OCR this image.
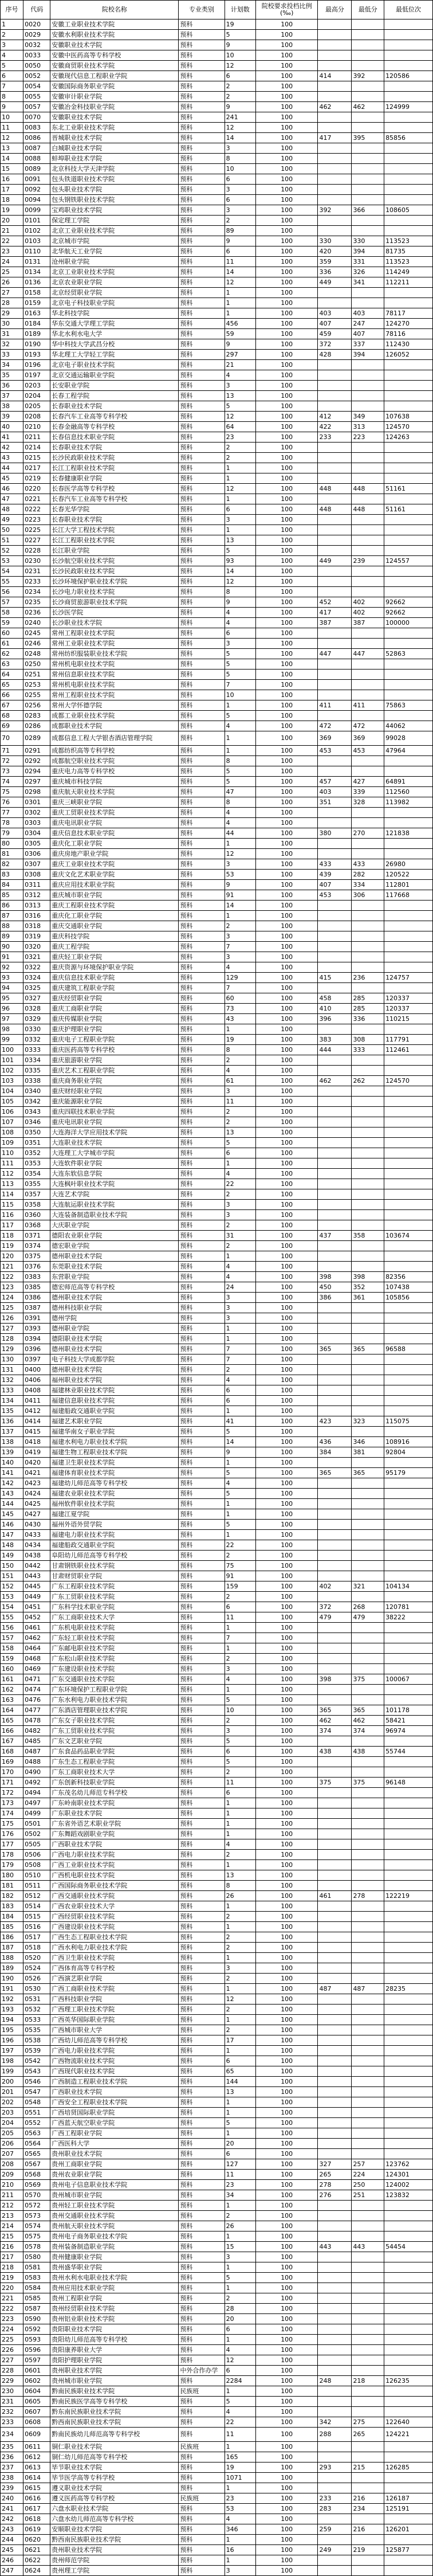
序号	代码	院校名称	专业类别	计划数	院校要求投档比例(‰)	最高分	最低分	最低位次
1	0020	安徽工业职业技术学院	预科	19	100			
2	0029	安徽水利职业技术学院	预科	5	100			
3	0032	安徽职业技术学院	预科	9	100			
4	0033	安徽中医药高等专科学校	预科	10	100			
5	0050	安徽商贸职业技术学院	预科	12	100			
6	0052	安徽现代信息工程职业学院	预科	6	100	414	392	120586
7	0054	安徽国际商务职业学院	预科	2	100			
8	0055	安徽审计职业学院	预科	2	100			
9	0057	安徽冶金科技职业学院	预科	9	100	462	462	124999
10	0070	安徽职业技术学院	预科	241	100			
11	0083	东北工业职业技术学院	预科	12	100			
12	0086	晋城职业技术学院	预科	14	100	417	395	85856
13	0087	白城职业技术学院	预科	3	100			
14	0088	蚌埠职业技术学院	预科	8	100			
15	0089	北京科技大学天津学院	预科	10	100			
16	0091	包头铁道职业技术学院	预科	6	100			
17	0092	包头职业技术学院	预科	3	100			
18	0094	包头钢铁职业技术学院	预科	6	100			
19	0099	宝鸡职业技术学院	预科	3	100	392	366	108605
20	0101	保定理工学院	预科	2	100			
21	0102	北京工业职业技术学院	预科	89	100			
22	0103	北京城市学院	预科	9	100	330	330	113523
23	0110	北华航天工业学院	预科	6	100	420	394	81735
24	0131	沧州职业学院	预科	11	100	359	331	113523
25	0134	北京工业职业技术学院	预科	14	100	336	326	114249
26	0136	北京农业职业学院	预科	12	100	449	341	112211
27	0158	北京经贸职业学院	预科	1	100			
28	0159	北京电子科技职业学院	预科	1	100			
29	0163	华北科技学院	预科	1	100	403	403	78117
30	0184	华东交通大学理工学院	预科	456	100	407	247	124270
31	0189	华北水利水电大学	预科	59	100	459	407	78116
32	0190	华中科技大学武昌分校	预科	9	100	372	337	112430
33	0193	华北理工大学轻工学院	预科	297	100	428	394	126052
34	0196	北京电子职业技术学院	预科	21	100			
35	0197	北京交通运输职业学院	预科	4	100			
36	0203	长安职业学院	预科	3	100			
37	0204	长春工程学院	预科	13	100			
38	0205	长春职业技术学院	预科	5	100			
39	0208	长春汽车工业高等专科学校	预科	12	100	412	349	107638
40	0210	长春金融高等专科学校	预科	64	100	422	313	124570
41	0211	长春信息技术职业学院	预科	23	100	233	223	124263
42	0214	长春职业技术学院	预科	2	100			
43	0215	长沙民政职业技术学院	预科	2	100			
44	0217	长江工程职业技术学院	预科	1	100			
45	0219	长春健康职业学院	预科	1	100			
46	0220	长春医学高等专科学校	预科	12	100	448	448	51161
47	0221	长春汽车工业高等专科学校	预科	1	100			
48	0222	长春光华学院	预科	6	100	448	448	51161
49	0223	长春职业技术学院	预科	3	100			
50	0225	长江大学工程技术学院	预科	1	100			
51	0227	长江工程职业技术学院	预科	13	100			
52	0228	长江职业学院	预科	5	100			
53	0230	长沙航空职业技术学院	预科	93	100	449	239	124557
54	0231	长沙民政职业技术学院	预科	14	100			
55	0233	长沙环境保护职业技术学院	预科	12	100			
56	0234	长沙电力职业技术学院	预科	8	100			
57	0235	长沙商贸旅游职业技术学院	预科	9	100	452	402	92662
58	0236	长沙医学院	预科	4	100	417	402	92662
59	0240	长沙职业技术学院	预科	4	100	387	387	100000
60	0245	常州工程职业技术学院	预科	6	100			
61	0246	常州工业职业技术学院	预科	3	100			
62	0248	常州纺织服装职业技术学院	预科	5	100	447	447	52863
63	0250	常州机电职业技术学院	预科	5	100			
64	0251	常州信息职业技术学院	预科	5	100			
65	0253	常州机电职业技术学院	预科	7	100			
66	0255	常州工程职业技术学院	预科	10	100			
67	0256	常州大学怀德学院	预科	1	100	411	411	75863
68	0283	成都工业职业技术学院	预科	5	100			
69	0286	成都职业技术学院	预科	4	100	472	472	44062
70	0289	成都信息工程大学银杏酒店管理学院	预科	1	100	369	369	99028
71	0291	成都纺织高等专科学校	预科	1	100	453	453	47964
72	0292	成都航空职业技术学院	预科	8	100			
73	0294	重庆电力高等专科学校	预科	5	100			
74	0297	重庆城市科技学院	预科	5	100	457	427	64891
75	0298	重庆航天职业技术学院	预科	47	100	403	339	112560
76	0301	重庆三峡职业学院	预科	8	100	351	328	113982
77	0302	重庆工贸职业技术学院	预科	4	100			
78	0303	重庆电讯职业学院	预科	4	100			
79	0304	重庆信息技术职业学院	预科	44	100	380	270	121838
80	0305	重庆化工职业学院	预科	1	100			
81	0306	重庆房地产职业学院	预科	12	100			
82	0307	重庆工业职业技术学院	预科	3	100	433	433	26980
83	0308	重庆文化艺术职业学院	预科	53	100	439	282	120522
84	0311	重庆应用技术职业学院	预科	9	100	407	334	112801
85	0312	重庆城市职业学院	预科	91	100	453	306	117668
86	0313	重庆工程职业技术学院	预科	14	100			
87	0316	重庆化工职业学院	预科	1	100			
88	0318	重庆交通职业学院	预科	2	100			
89	0319	重庆科技学院	预科	3	100			
90	0320	重庆工程学院	预科	7	100			
91	0321	重庆轻工职业学院	预科	3	100			
92	0322	重庆资源与环境保护职业学院	预科	4	100			
93	0324	重庆信息技术职业学院	预科	129	100	415	236	124757
94	0325	重庆建筑工程职业学院	预科	7	100			
95	0327	重庆经贸职业学院	预科	60	100	458	285	120337
96	0328	重庆工商职业学院	预科	73	100	410	285	120337
97	0329	重庆传媒职业学院	预科	43	100	396	336	110215
98	0330	重庆护理职业学院	预科	1	100			
99	0332	重庆电子工程职业学院	预科	19	100	383	308	117791
100	0333	重庆医药高等专科学校	预科	8	100	444	333	112461
101	0334	重庆旅游职业学院	预科	2	100			
102	0335	重庆艺术工程职业学院	预科	4	100			
103	0338	重庆商务职业学院	预科	61	100	462	262	124570
104	0340	重庆财经职业学院	预科	3	100			
105	0342	重庆能源职业学院	预科	11	100			
106	0343	重庆四联技术职业学院	预科	2	100			
107	0346	重庆电讯职业学院	预科	2	100			
108	0350	大连海洋大学应用技术学院	预科	13	100			
109	0351	大连职业技术学院	预科	5	100			
110	0352	大连理工大学城市学院	预科	6	100			
111	0353	大连软件职业学院	预科	1	100			
112	0354	大连东软信息学院	预科	4	100			
113	0355	大连枫叶职业技术学院	预科	22	100			
114	0357	大连艺术学院	预科	2	100			
115	0358	大连航运职业技术学院	预科	3	100			
116	0360	大连装备制造职业技术学院	预科	3	100			
117	0368	大庆职业学院	预科	2	100			
118	0371	德阳农业职业学院	预科	31	100	437	358	103674
119	0374	德宏职业学院	预科	2	100			
120	0375	德州职业技术学院	预科	1	100			
121	0376	东莞职业技术学院	预科	4	100			
122	0383	东营职业学院	预科	4	100	398	398	82356
123	0385	德宏师范高等专科学校	预科	24	100	450	352	107438
124	0386	德州职业技术学院	预科	3	100	386	361	105856
125	0387	德州科技职业学院	预科	3	100			
126	0391	德州学院	预科	3	100			
127	0393	德州职业学院	预科	1	100			
128	0394	德阳职业技术学院	预科	1	100			
129	0396	德州职业技术学院	预科	7	100	365	365	96588
130	0397	电子科技大学成都学院	预科	7	100			
131	0400	德州职业技术学院	预科	2	100			
132	0406	福州职业技术学院	预科	4	100			
133	0408	福建林业职业技术学院	预科	6	100			
134	0411	福建信息职业技术学院	预科	6	100			
135	0412	福建船政交通职业学院	预科	1	100			
136	0414	福建艺术职业学院	预科	41	100	423	323	115075
137	0415	福建华南女子职业学院	预科	5	100			
138	0418	福建水利电力职业技术学院	预科	14	100	436	346	108916
139	0419	福建生物工程职业技术学院	预科	9	100	384	381	92804
140	0420	福建卫生职业技术学院	预科	1	100			
141	0421	福建体育职业技术学院	预科	5	100	365	365	95179
142	0423	福建幼儿师范高等专科学校	预科	4	100			
143	0424	福建农业职业技术学院	预科	5	100			
144	0425	福州软件职业技术学院	预科	1	100			
145	0427	福建江夏学院	预科	1	100			
146	0430	福州外语外贸学院	预科	5	100			
147	0433	福建电力职业技术学院	预科	1	100			
148	0434	福建船政交通职业学院	预科	22	100			
149	0438	阜阳幼儿师范高等专科学校	预科	2	100			
150	0442	甘肃钢铁职业技术学院	预科	75	100			
151	0443	甘肃财贸职业学院	预科	91	100			
152	0445	广东工程职业技术学院	预科	159	100	402	321	104134
153	0449	广东工贸职业技术学院	预科	2	100			
154	0451	广东科学技术职业学院	预科	6	100	372	268	120781
155	0452	广东工商职业技术大学	预科	11	100	479	479	38222
156	0461	广东机电职业技术学院	预科	1	100			
157	0462	广东轻工职业技术学院	预科	7	100			
158	0464	广东邮电职业技术学院	预科	1	100			
159	0468	广东松山职业技术学院	预科	2	100			
160	0469	广东建设职业技术学院	预科	3	100			
161	0471	广东交通职业技术学院	预科	4	100	398	375	100067
162	0474	广东环境保护工程职业学院	预科	1	100			
163	0476	广东水利电力职业技术学院	预科	5	100			
164	0477	广东酒店管理职业技术学院	预科	10	100	365	365	101178
165	0478	广东女子职业技术学院	预科	2	100	462	462	58421
166	0482	广东工贸职业技术学院	预科	3	100	374	374	96974
167	0485	广东文艺职业学院	预科	5	100			
168	0487	广东食品药品职业学院	预科	6	100	438	438	55744
169	0488	广东生态工程职业学院	预科	5	100			
170	0490	广东工商职业技术大学	预科	2	100			
171	0492	广东创新科技职业学院	预科	11	100	375	375	96148
172	0494	广东茂名幼儿师范专科学校	预科	6	100			
173	0497	广东岭南职业技术学院	预科	1	100			
174	0499	广东职业技术学院	预科	1	100			
175	0501	广东省外语艺术职业学院	预科	1	100			
176	0502	广东舞蹈戏剧职业学院	预科	1	100			
177	0505	广西职业技术学院	预科	4	100			
178	0506	广西电力职业技术学院	预科	2	100			
179	0508	广西工业职业技术学院	预科	1	100			
180	0510	广西机电职业技术学院	预科	13	100			
181	0511	广西国际商务职业技术学院	预科	8	100			
182	0512	广西交通职业技术学院	预科	26	100	461	278	122219
183	0514	广西农业职业技术大学	预科	1	100			
184	0515	广西经贸职业技术学院	预科	2	100			
185	0516	广西建设职业技术学院	预科	1	100			
186	0517	广西生态工程职业技术学院	预科	2	100			
187	0518	广西水利电力职业技术学院	预科	2	100			
188	0520	广西卫生职业技术学院	预科	1	100			
189	0524	广西体育高等专科学校	预科	3	100			
190	0526	广西演艺职业学院	预科	2	100			
191	0530	广西工商职业技术学院	预科	1	100	487	487	28235
192	0531	广西科技职业学院	预科	12	100			
193	0532	广西理工职业技术学院	预科	2	100			
194	0533	广西英华国际职业学院	预科	1	100			
195	0535	广西城市职业大学	预科	2	100			
196	0538	广西幼儿师范高等专科学校	预科	17	100			
197	0539	广西电力职业技术学院	预科	1	100			
198	0542	广西物流职业技术学院	预科	6	100			
199	0543	广西现代职业技术学院	预科	65	100			
200	0546	广西制造工程职业技术学院	预科	144	100			
201	0547	广西职业技术学院	预科	13	100			
202	0548	广西安全工程职业技术学院	预科	1	100			
203	0551	广西培贤国际职业学院	预科	1	100			
204	0552	广西蓝天航空职业学院	预科	5	100			
205	0563	广西工程职业学院	预科	1	100			
206	0564	广西医科大学	预科	20	100			
207	0565	贵州职业技术学院	预科	6	100			
208	0567	贵州工商职业学院	预科	127	100	327	257	123762
209	0568	贵州农业职业学院	预科	11	100	265	224	124301
210	0569	贵州电子信息职业技术学院	预科	23	100	278	250	124002
211	0570	贵州城市职业学院	预科	34	100	276	251	123832
212	0572	贵州轻工职业技术学院	预科	1	100			
213	0573	贵州交通职业技术学院	预科	2	100			
214	0574	贵州航天职业技术学院	预科	26	100			
215	0575	贵州电子商务职业技术学院	预科	1	100			
216	0578	贵州装备制造职业学院	预科	15	100	443	443	54454
217	0580	贵州健康职业学院	预科	3	100			
218	0581	贵州盛华职业学院	预科	1	100			
219	0583	贵州水利水电职业技术学院	预科	5	100			
220	0584	贵州应用技术职业学院	预科	1	100			
221	0585	贵州工程职业学院	预科	2	100			
222	0587	贵州经贸职业技术学院	预科	28	100			
223	0590	贵州铝业职业技术学院	预科	20	100			
224	0592	贵阳职业技术学院	预科	6	100			
225	0593	贵阳幼儿师范高等专科学校	预科	1	100			
226	0596	贵阳康养职业大学	预科	4	100			
227	0597	贵阳护理职业学院	预科	12	100			
228	0601	贵州职业技术学院	中外合作办学	6	100			
229	0602	贵州城市职业学院	预科	2284	100	248	218	126235
230	0604	黔南民族职业技术学院	民族班	1	100			
231	0605	黔南民族医学高等专科学校	预科	5	100			
232	0607	黔东南民族职业技术学院	预科	4	100			
233	0608	黔西南民族职业技术学院	预科	22	100	342	275	122640
234	0609	黔南民族幼儿师范高等专科学校	预科	11	100	288	265	124221
235	0611	铜仁职业技术学院	民族班	1	100			
236	0612	铜仁幼儿师范高等专科学校	预科	165	100			
237	0613	毕节职业技术学院	预科	19	100	293	215	126285
238	0614	毕节医学高等专科学校	预科	1071	100			
239	0615	遵义职业技术学院	预科	1	100			
240	0616	遵义医药高等专科学校	民族班	23	100	233	216	126187
241	0617	六盘水职业技术学院	预科	53	100	283	234	125191
242	0618	六盘水幼儿师范高等专科学校	预科	4	100			
243	0619	安顺职业技术学院	预科	346	100	259	216	126201
244	0620	黔西南民族职业技术学院	预科	1	100			
245	0621	贵州职业技术学院	预科	16	100	249	219	125877
246	0622	贵州师范学院	预科	1	100			
247	0624	贵州理工学院	预科	3	100			
